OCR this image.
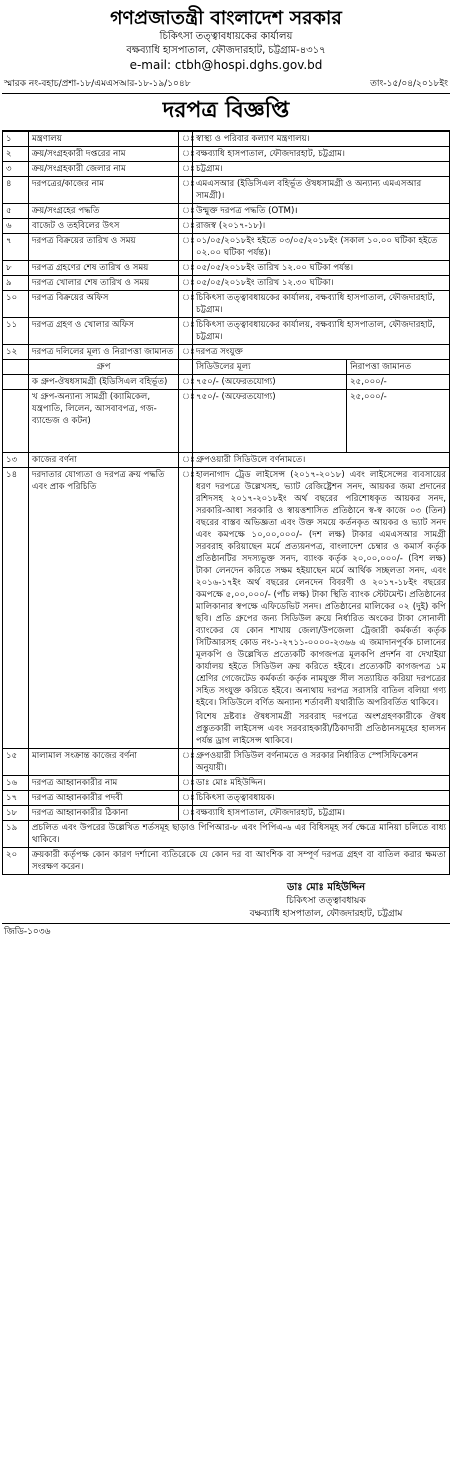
গণপ্রজাতন্ত্রী বাংলাদেশ সরকার
চিকিৎসা তত্ত্বাবধায়কের কার্যালয়
বক্ষব্যাধি হাসপাতাল, ফৌজদারহাট, চট্টগ্রাম-৪৩১৭
e-mail: ctbh@hospi.dghs.gov.bd
স্মারক নং-বহাচ/প্রশা-১৮/এমএসআর-১৮-১৯/১০৪৮	তাং-১৫/০৪/২০১৮ইং
দরপত্র বিজ্ঞপ্তি
১	মন্ত্রণালয়	ঃ	স্বাস্থ্য ও পরিবার কল্যাণ মন্ত্রণালয়।
২	ক্রয়/সংগ্রহকারী দপ্তরের নাম	ঃ	বক্ষব্যাধি হাসপাতাল, ফৌজদারহাট, চট্টগ্রাম।
৩	ক্রয়/সংগ্রহকারী জেলার নাম	ঃ	চট্টগ্রাম।
৪	দরপত্রের/কাজের নাম	ঃ	এমএসআর (ইডিসিএল বহির্ভূত ঔষধসামগ্রী ও অন্যান্য এমএসআর সামগ্রী)।
৫	ক্রয়/সংগ্রহের পদ্ধতি	ঃ	উন্মুক্ত দরপত্র পদ্ধতি (OTM)।
৬	বাজেট ও তহবিলের উৎস	ঃ	রাজস্ব (২০১৭-১৮)।
৭	দরপত্র বিক্রয়ের তারিখ ও সময়	ঃ	০১/০৫/২০১৮ইং হইতে ০৩/০৫/২০১৮ইং (সকাল ১০.০০ ঘটিকা হইতে ০২.০০ ঘটিকা পর্যন্ত)।
৮	দরপত্র গ্রহণের শেষ তারিখ ও সময়	ঃ	০৫/০৫/২০১৮ইং তারিখ ১২.০০ ঘটিকা পর্যন্ত।
৯	দরপত্র খোলার শেষ তারিখ ও সময়	ঃ	০৫/০৫/২০১৮ইং তারিখ ১২.৩০ ঘটিকা।
১০	দরপত্র বিক্রয়ের অফিস	ঃ	চিকিৎসা তত্ত্বাবধায়কের কার্যালয়, বক্ষব্যাধি হাসপাতাল, ফৌজদারহাট, চট্টগ্রাম।
১১	দরপত্র গ্রহণ ও খোলার অফিস	ঃ	চিকিৎসা তত্ত্বাবধায়কের কার্যালয়, বক্ষব্যাধি হাসপাতাল, ফৌজদারহাট, চট্টগ্রাম।
১২	দরপত্র দলিলের মূল্য ও নিরাপত্তা জামানত	ঃ	দরপত্র সংযুক্ত
	গ্রুপ			সিডিউলের মূল্য	নিরাপত্তা জামানত

	ক গ্রুপ-ঔষধসামগ্রী (ইডিসিএল বহির্ভূত)	ঃ	৭৫০/- (অফেরতযোগ্য)	২৫,০০০/-

	খ গ্রুপ-অন্যান্য সামগ্রী (ক্যামিকেল, যন্ত্রপাতি, লিলেন, আসবাবপত্র, গজ-ব্যান্ডেজ ও কটন)	ঃ	৭৫০/- (অফেরতযোগ্য)	২৫,০০০/-

১৩	কাজের বর্ণনা	ঃ	গ্রুপওয়ারী সিডিউলে বর্ণনামতে।
১৪	দরদাতার যোগ্যতা ও দরপত্র ক্রয় পদ্ধতি এবং প্রাক পরিচিতি	ঃ	হালনাগাদ ট্রেড লাইসেন্স (২০১৭-২০১৮) এবং লাইসেন্সের ব্যবসায়ের ধরণ দরপত্রে উল্লেখসহ, ভ্যাট রেজিষ্ট্রেশন সনদ, আয়কর জমা প্রদানের রশিদসহ ২০১৭-২০১৮ইং অর্থ বছরের পরিশোধকৃত আয়কর সনদ, সরকারি-আধা সরকারি ও স্বায়ত্তশাসিত প্রতিষ্ঠানে স্ব-স্ব কাজে ০৩ (তিন) বছরের বাস্তব অভিজ্ঞতা এবং উক্ত সময়ে কর্তনকৃত আয়কর ও ভ্যাট সনদ এবং কমপক্ষে ১০,০০,০০০/- (দশ লক্ষ) টাকার এমএসআর সামগ্রী সরবরাহ করিয়াছেন মর্মে প্রত্যয়নপত্র, বাংলাদেশ চেম্বার ও কমার্স কর্তৃক প্রতিষ্ঠানটির সদস্যভুক্ত সনদ, ব্যাংক কর্তৃক ২০,০০,০০০/- (বিশ লক্ষ) টাকা লেনদেন করিতে সক্ষম হইয়াছেন মর্মে আর্থিক সচ্ছলতা সনদ, এবং ২০১৬-১৭ইং অর্থ বছরের লেনদেন বিবরণী ও ২০১৭-১৮ইং বছরের কমপক্ষে ৫,০০,০০০/- (পাঁচ লক্ষ) টাকা স্থিতি ব্যাংক স্টেটমেন্ট। প্রতিষ্ঠানের মালিকানার স্বপক্ষে এফিডেভিট সনদ। প্রতিষ্ঠানের মালিকের ০২ (দুই) কপি ছবি। প্রতি গ্রুপের জন্য সিডিউল ক্রয়ে নির্ধারিত অংকের টাকা সোনালী ব্যাংকের যে কোন শাখায় জেলা/উপজেলা ট্রেজারী কর্মকর্তা কর্তৃক সিটিআরসহ কোড নং-১-২৭১১-০০০০-২৩৬৬ এ জমাদানপূর্বক চালানের মূলকপি ও উল্লেখিত প্রত্যেকটি কাগজপত্র মূলকপি প্রদর্শন বা দেখাইয়া কার্যালয় হইতে সিডিউল ক্রয় করিতে হইবে। প্রত্যেকটি কাগজপত্র ১ম শ্রেণির গেজেটেড কর্মকর্তা কর্তৃক নামযুক্ত সীল সত্যায়িত করিয়া দরপত্রের সহিত সংযুক্ত করিতে হইবে। অন্যথায় দরপত্র সরাসরি বাতিল বলিয়া গণ্য হইবে। সিডিউলে বর্ণিত অন্যান্য শর্তাবলী যথারীতি অপরিবর্তিত থাকিবে।
বিশেষ দ্রষ্টব্যঃ ঔষধসামগ্রী সরবরাহ দরপত্রে অংশগ্রহণকারীকে ঔষধ প্রস্তুতকারী লাইসেন্স এবং সরবরাহকারী/ঠিকাদারী প্রতিষ্ঠানসমূহের হালসন পর্যন্ত ড্রাগ লাইসেন্স থাকিবে।

১৫	মালামাল সংক্রান্ত কাজের বর্ণনা	ঃ	গ্রুপওয়ারী সিডিউল বর্ণনামতে ও সরকার নির্ধারিত স্পেসিফিকেশন অনুযায়ী।
১৬	দরপত্র আহ্বানকারীর নাম	ঃ	ডাঃ মোঃ মহিউদ্দিন।
১৭	দরপত্র আহ্বানকারীর পদবী	ঃ	চিকিৎসা তত্ত্বাবধায়ক।
১৮	দরপত্র আহ্বানকারীর ঠিকানা	ঃ	বক্ষব্যাধি হাসপাতাল, ফৌজদারহাট, চট্টগ্রাম।
১৯	প্রচলিত এবং উপরের উল্লেখিত শর্তসমূহ ছাড়াও পিপিআর-৮ এবং পিপিএ-৬ এর বিধিসমূহ সর্ব ক্ষেত্রে মানিয়া চলিতে বাধ্য থাকিবে।
২০	ক্রয়কারী কর্তৃপক্ষ কোন কারণ দর্শানো ব্যতিরেকে যে কোন দর বা আংশিক বা সম্পূর্ণ দরপত্র গ্রহণ বা বাতিল করার ক্ষমতা সংরক্ষণ করেন।
ডাঃ মোঃ মহিউদ্দিন
চিকিৎসা তত্ত্বাবধায়ক
বক্ষব্যাধি হাসপাতাল, ফৌজদারহাট, চট্টগ্রাম
জিডি-১০৩৬
